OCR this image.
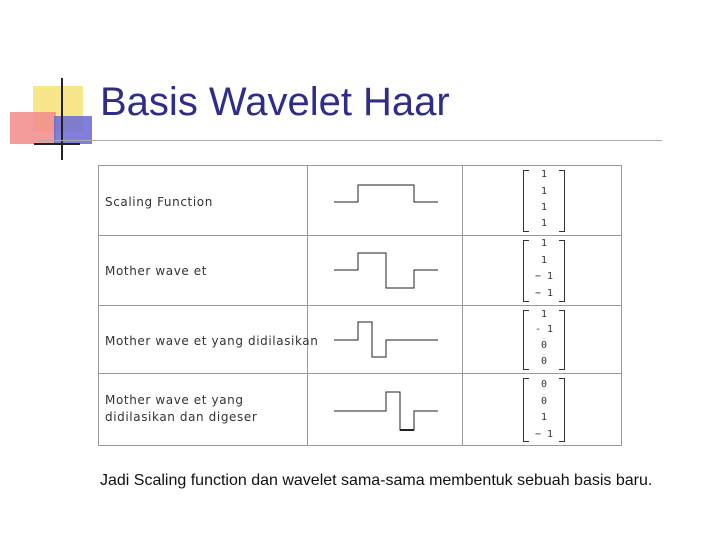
Basis Wavelet Haar
Scaling Function
1
1
1
1
Mother wave et
1
1
− 1
− 1
Mother wave et yang didilasikan
1
- 1
0
0
Mother wave et yang didilasikan dan digeser
0
0
1
− 1
Jadi Scaling function dan wavelet sama-sama membentuk sebuah basis baru.
